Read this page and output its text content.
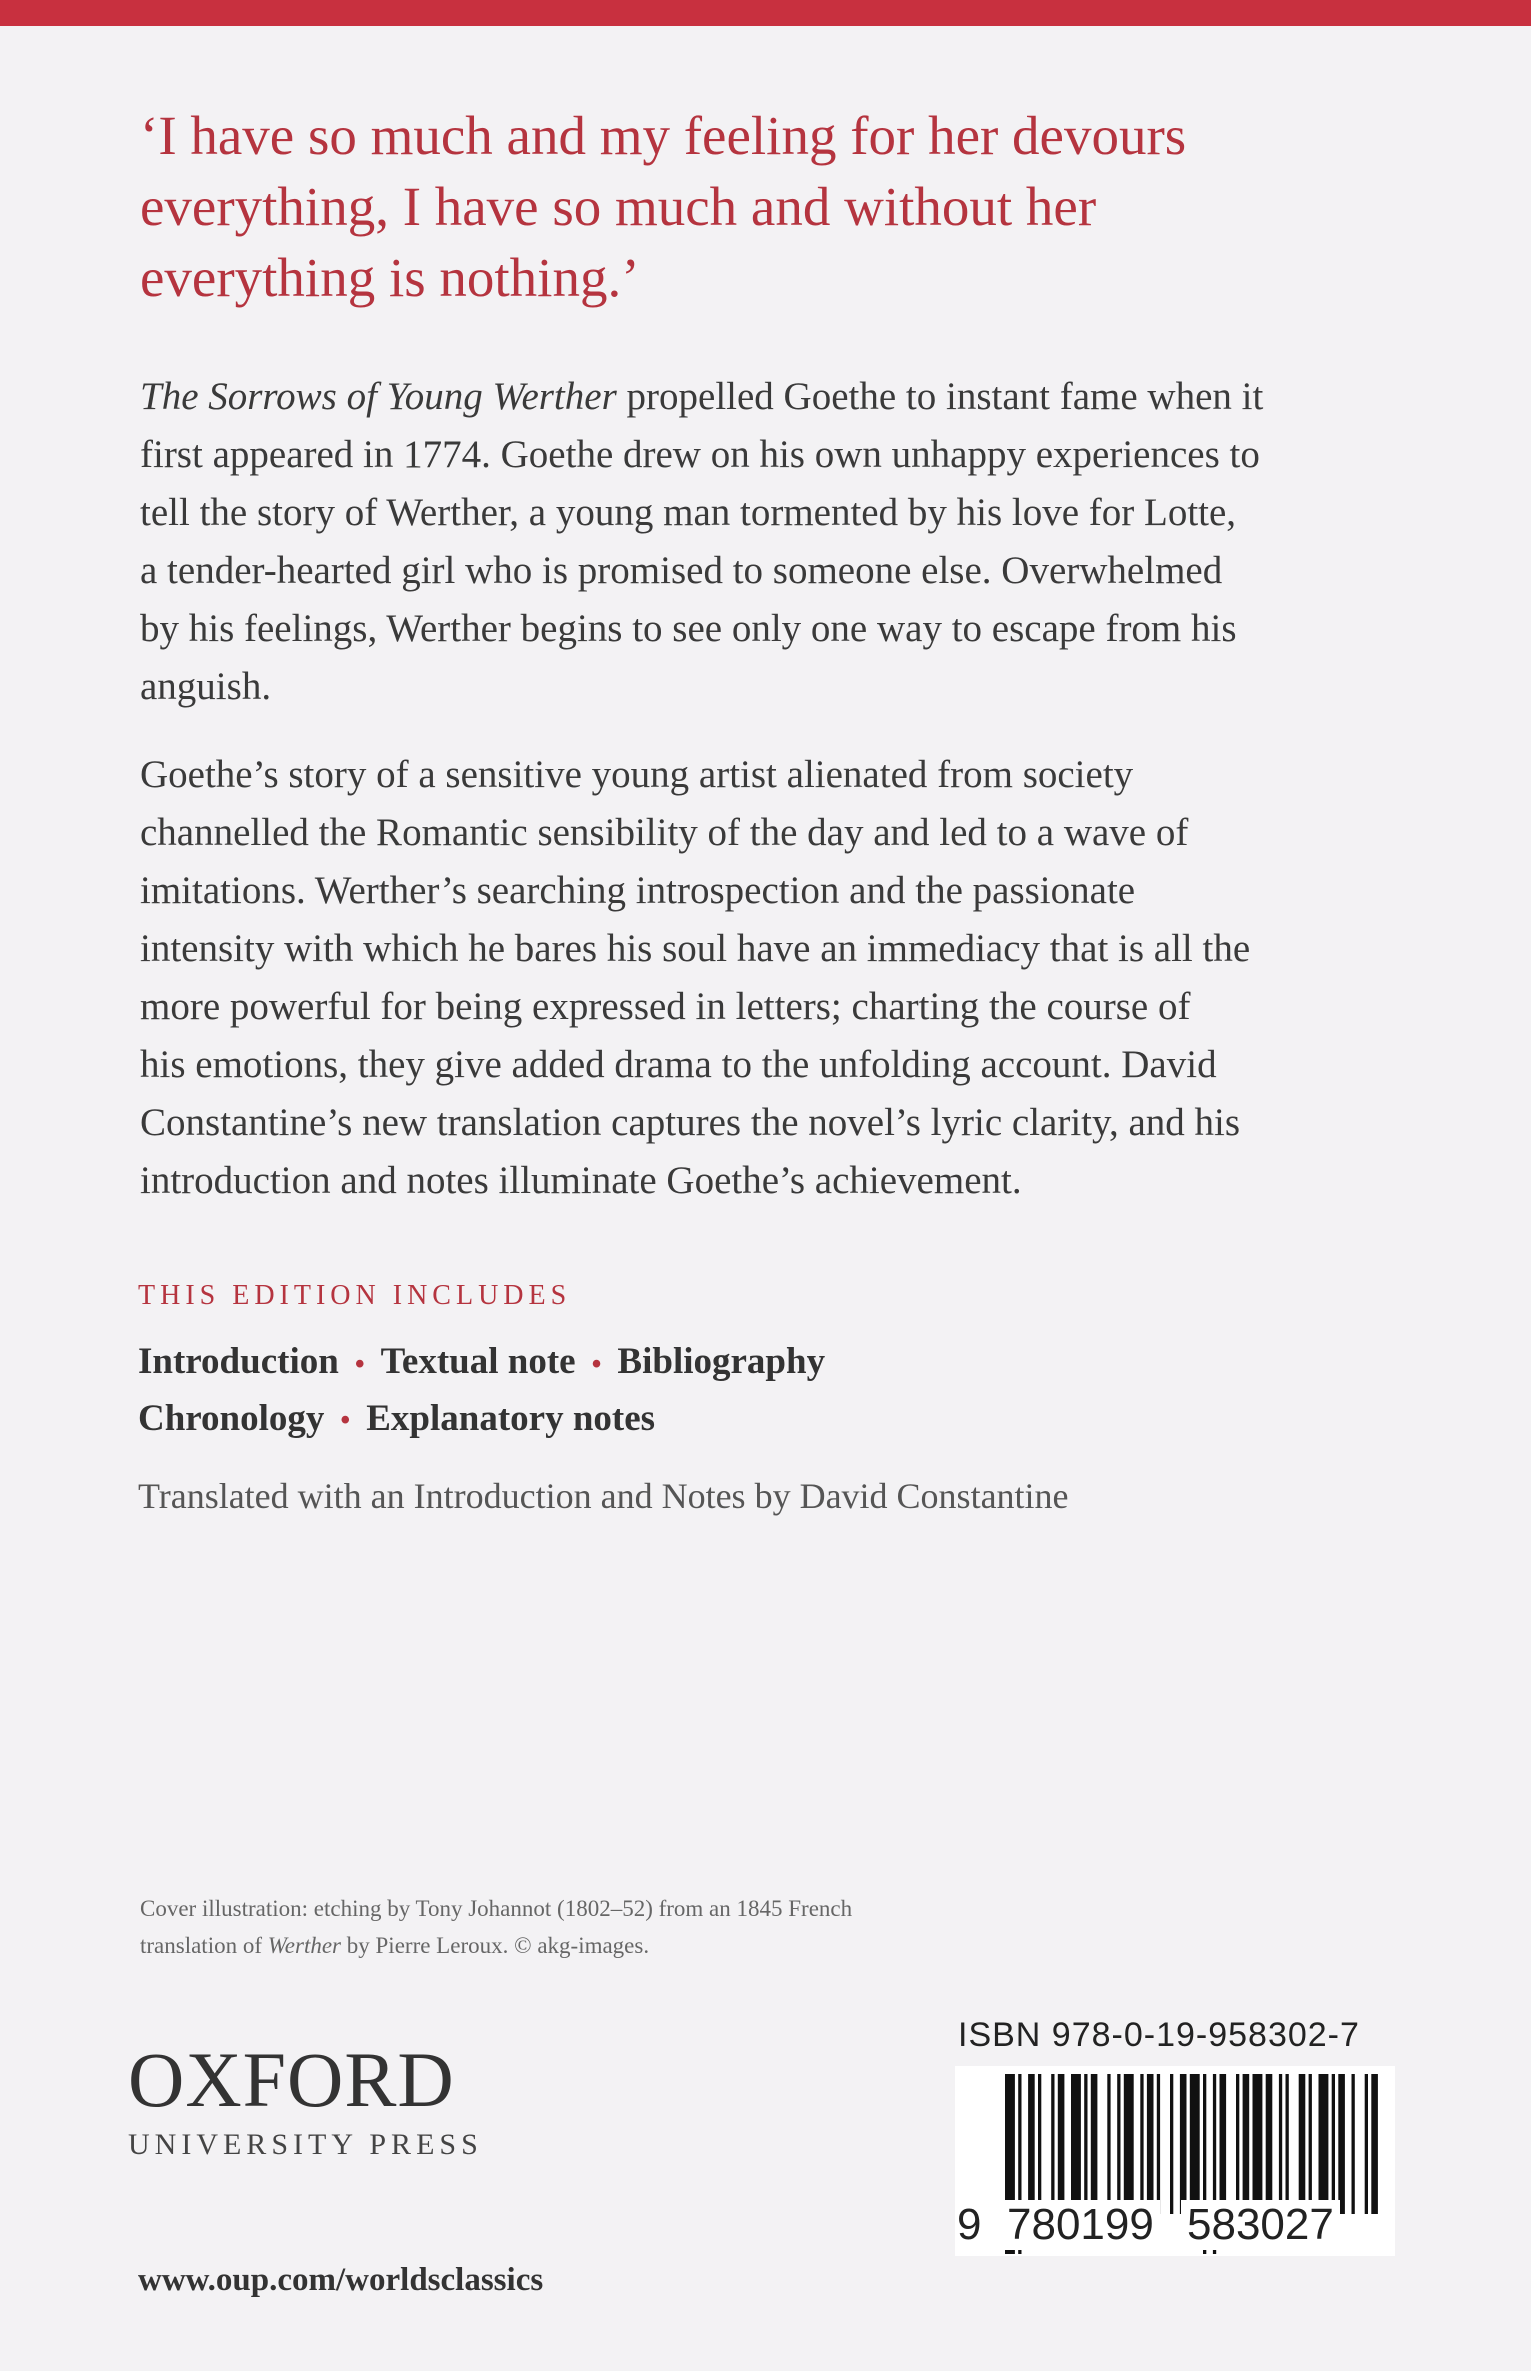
‘I have so much and my feeling for her devours
everything, I have so much and without her
everything is nothing.’
The Sorrows of Young Werther propelled Goethe to instant fame when it
first appeared in 1774. Goethe drew on his own unhappy experiences to
tell the story of Werther, a young man tormented by his love for Lotte,
a tender-hearted girl who is promised to someone else. Overwhelmed
by his feelings, Werther begins to see only one way to escape from his
anguish.
Goethe’s story of a sensitive young artist alienated from society
channelled the Romantic sensibility of the day and led to a wave of
imitations. Werther’s searching introspection and the passionate
intensity with which he bares his soul have an immediacy that is all the
more powerful for being expressed in letters; charting the course of
his emotions, they give added drama to the unfolding account. David
Constantine’s new translation captures the novel’s lyric clarity, and his
introduction and notes illuminate Goethe’s achievement.
THIS EDITION INCLUDES
Introduction • Textual note • Bibliography
Chronology • Explanatory notes
Translated with an Introduction and Notes by David Constantine
Cover illustration: etching by Tony Johannot (1802–52) from an 1845 French
translation of Werther by Pierre Leroux. © akg-images.
OXFORD
UNIVERSITY PRESS
www.oup.com/worldsclassics
ISBN 978-0-19-958302-7
9 780199 583027
